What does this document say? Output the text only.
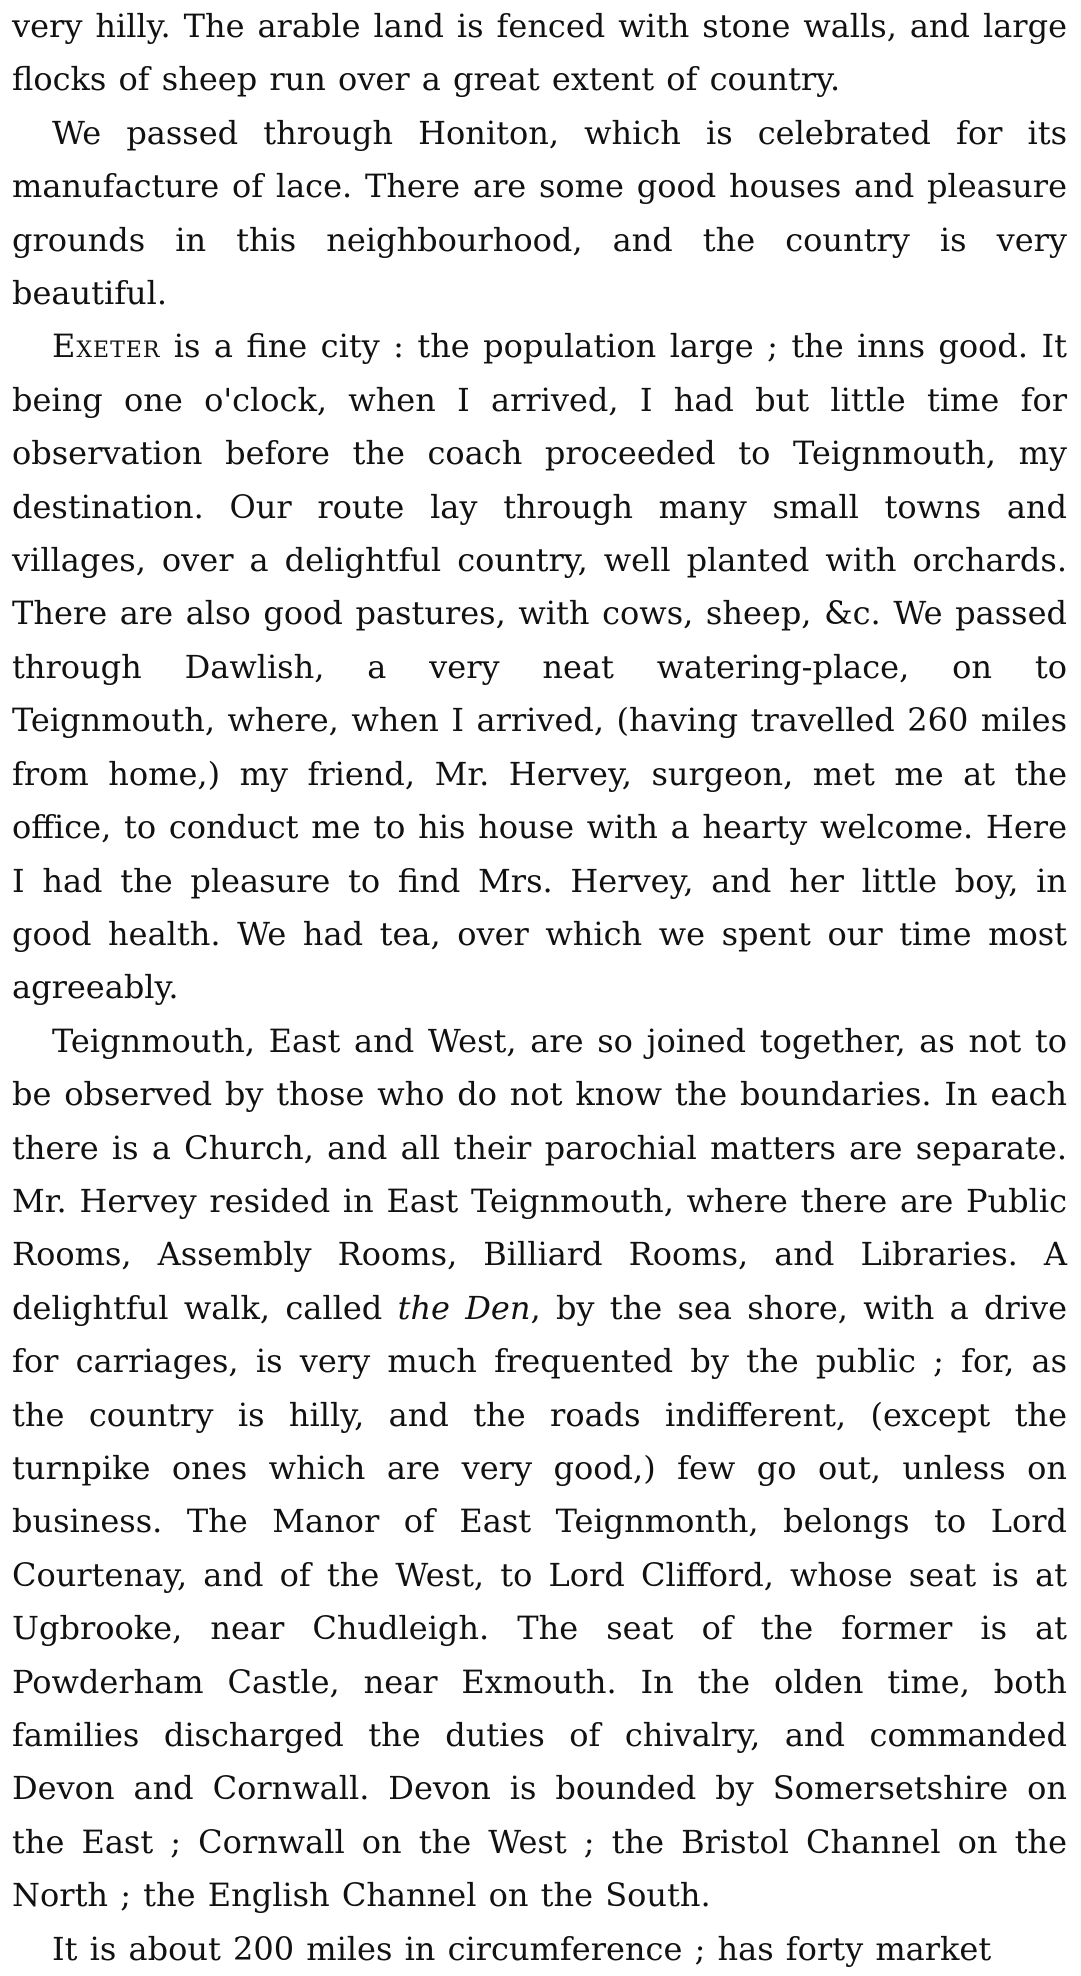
very hilly. The arable land is fenced with stone walls, and large flocks of sheep run over a great extent of country.

We passed through Honiton, which is celebrated for its manufacture of lace. There are some good houses and pleasure grounds in this neighbourhood, and the country is very beautiful.

Exeter is a fine city : the population large ; the inns good. It being one o'clock, when I arrived, I had but little time for observation before the coach proceeded to Teignmouth, my destination. Our route lay through many small towns and villages, over a delightful country, well planted with orchards. There are also good pastures, with cows, sheep, &c. We passed through Dawlish, a very neat watering-place, on to Teignmouth, where, when I arrived, (having travelled 260 miles from home,) my friend, Mr. Hervey, surgeon, met me at the office, to conduct me to his house with a hearty welcome. Here I had the pleasure to find Mrs. Hervey, and her little boy, in good health. We had tea, over which we spent our time most agreeably.

Teignmouth, East and West, are so joined together, as not to be observed by those who do not know the boundaries. In each there is a Church, and all their parochial matters are separate. Mr. Hervey resided in East Teignmouth, where there are Public Rooms, Assembly Rooms, Billiard Rooms, and Libraries. A delightful walk, called the Den, by the sea shore, with a drive for carriages, is very much frequented by the public ; for, as the country is hilly, and the roads indifferent, (except the turnpike ones which are very good,) few go out, unless on business. The Manor of East Teignmonth, belongs to Lord Courtenay, and of the West, to Lord Clifford, whose seat is at Ugbrooke, near Chudleigh. The seat of the former is at Powderham Castle, near Exmouth. In the olden time, both families discharged the duties of chivalry, and commanded Devon and Cornwall. Devon is bounded by Somersetshire on the East ; Cornwall on the West ; the Bristol Channel on the North ; the English Channel on the South.

It is about 200 miles in circumference ; has forty market
